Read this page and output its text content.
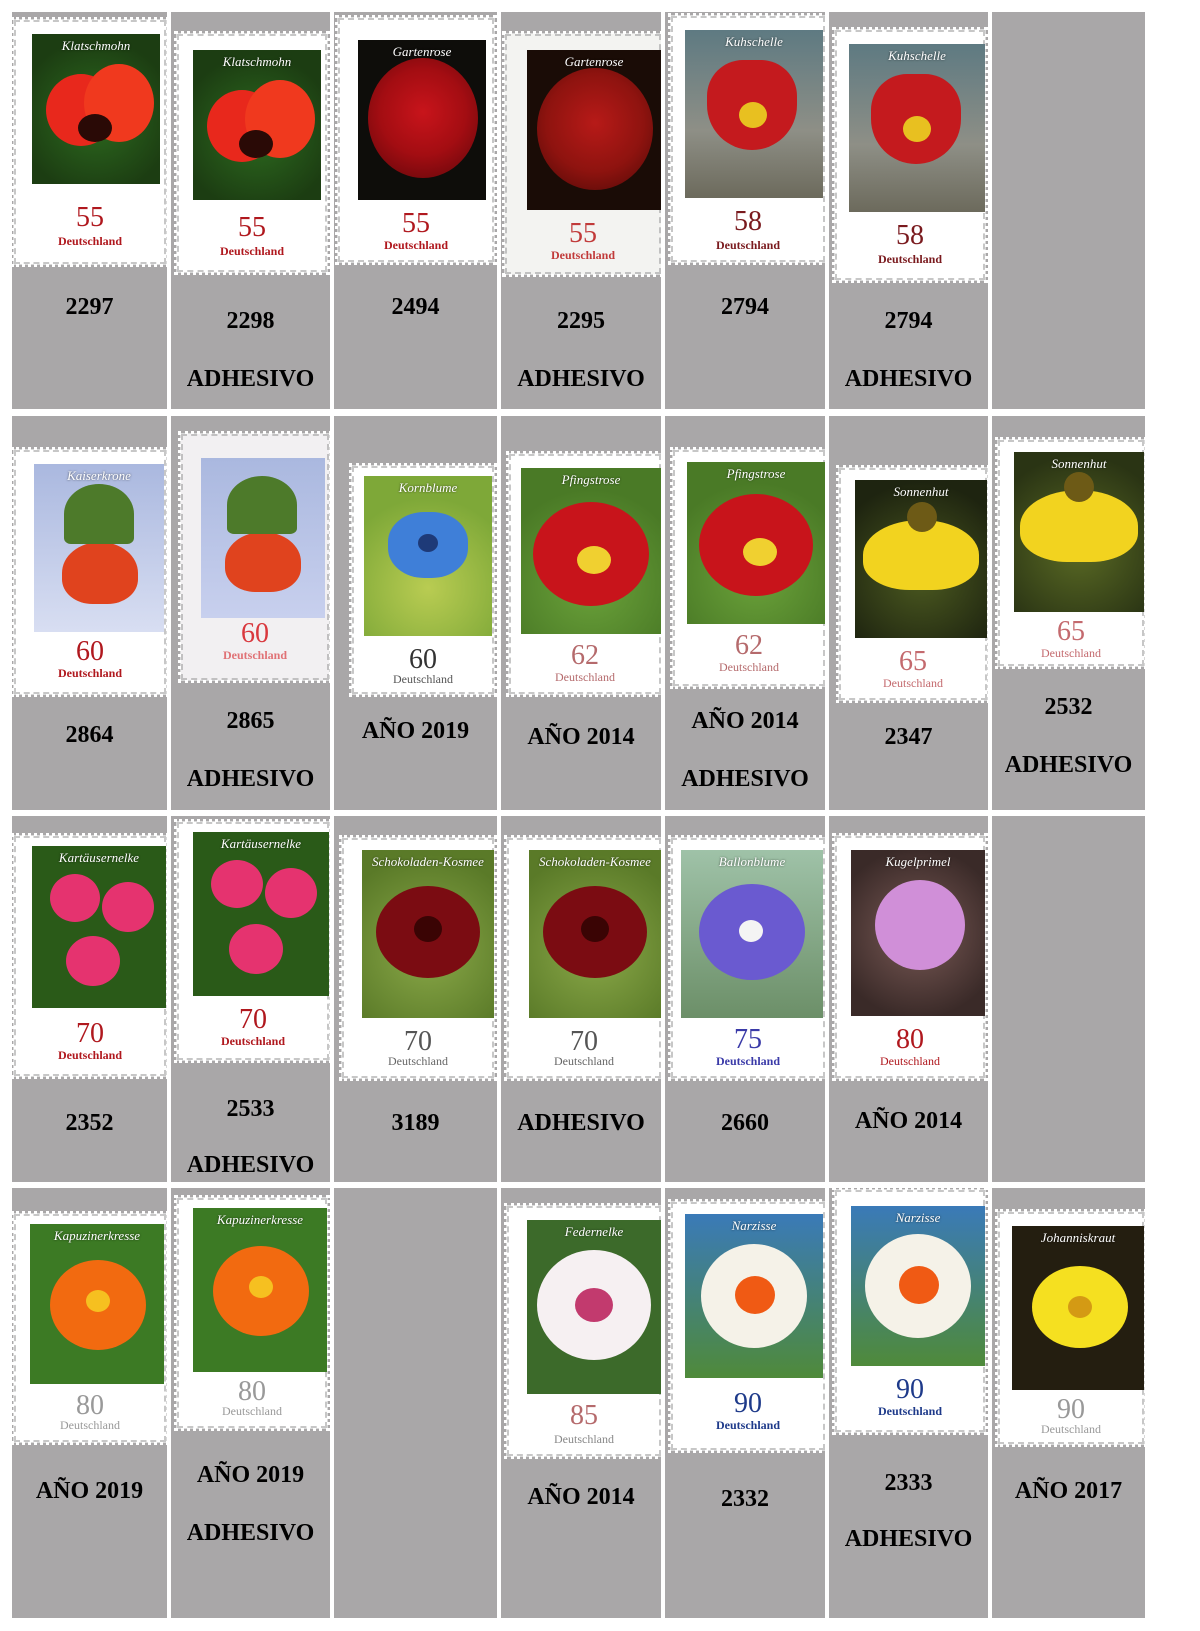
Klatschmohn
55
Deutschland
2297
Klatschmohn
55
Deutschland
2298
ADHESIVO
Gartenrose
55
Deutschland
2494
Gartenrose
55
Deutschland
2295
ADHESIVO
Kuhschelle
58
Deutschland
2794
Kuhschelle
58
Deutschland
2794
ADHESIVO
Kaiserkrone
60
Deutschland
2864
60
Deutschland
2865
ADHESIVO
Kornblume
60
Deutschland
AÑO 2019
Pfingstrose
62
Deutschland
AÑO 2014
Pfingstrose
62
Deutschland
AÑO 2014
ADHESIVO
Sonnenhut
65
Deutschland
2347
Sonnenhut
65
Deutschland
2532
ADHESIVO
Kartäusernelke
70
Deutschland
2352
Kartäusernelke
70
Deutschland
2533
ADHESIVO
Schokoladen-Kosmee
70
Deutschland
3189
Schokoladen-Kosmee
70
Deutschland
ADHESIVO
Ballonblume
75
Deutschland
2660
Kugelprimel
80
Deutschland
AÑO 2014
Kapuzinerkresse
80
Deutschland
AÑO 2019
Kapuzinerkresse
80
Deutschland
AÑO 2019
ADHESIVO
Federnelke
85
Deutschland
AÑO 2014
Narzisse
90
Deutschland
2332
Narzisse
90
Deutschland
2333
ADHESIVO
Johanniskraut
90
Deutschland
AÑO 2017
